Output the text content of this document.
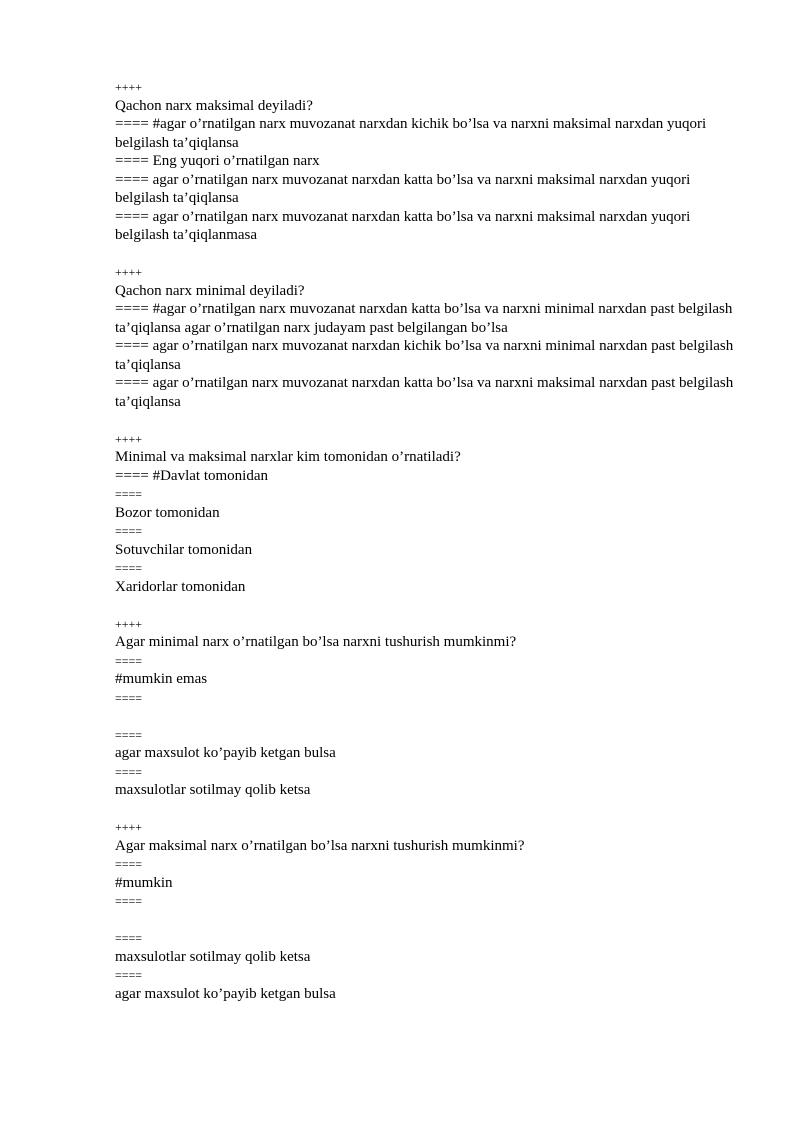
++++
Qachon narx maksimal deyiladi?
==== #agar o’rnatilgan narx muvozanat narxdan kichik bo’lsa va narxni maksimal narxdan yuqori belgilash ta’qiqlansa
==== Eng yuqori o’rnatilgan narx
==== agar o’rnatilgan narx muvozanat narxdan katta bo’lsa va narxni maksimal narxdan yuqori belgilash ta’qiqlansa
==== agar o’rnatilgan narx muvozanat narxdan katta bo’lsa va narxni maksimal narxdan yuqori belgilash ta’qiqlanmasa
++++
Qachon narx minimal deyiladi?
==== #agar o’rnatilgan narx muvozanat narxdan katta bo’lsa va narxni minimal narxdan past belgilash ta’qiqlansa agar o’rnatilgan narx judayam past belgilangan bo’lsa
==== agar o’rnatilgan narx muvozanat narxdan kichik bo’lsa va narxni minimal narxdan past belgilash ta’qiqlansa
==== agar o’rnatilgan narx muvozanat narxdan katta bo’lsa va narxni maksimal narxdan past belgilash ta’qiqlansa
++++
Minimal va maksimal narxlar kim tomonidan o’rnatiladi?
==== #Davlat tomonidan
====
Bozor tomonidan
====
Sotuvchilar tomonidan
====
Xaridorlar tomonidan
++++
Agar minimal narx o’rnatilgan bo’lsa narxni tushurish mumkinmi?
====
#mumkin emas
====
====
agar maxsulot ko’payib ketgan bulsa
====
maxsulotlar sotilmay qolib ketsa
++++
Agar maksimal narx o’rnatilgan bo’lsa narxni tushurish mumkinmi?
====
#mumkin
====
====
maxsulotlar sotilmay qolib ketsa
====
agar maxsulot ko’payib ketgan bulsa
